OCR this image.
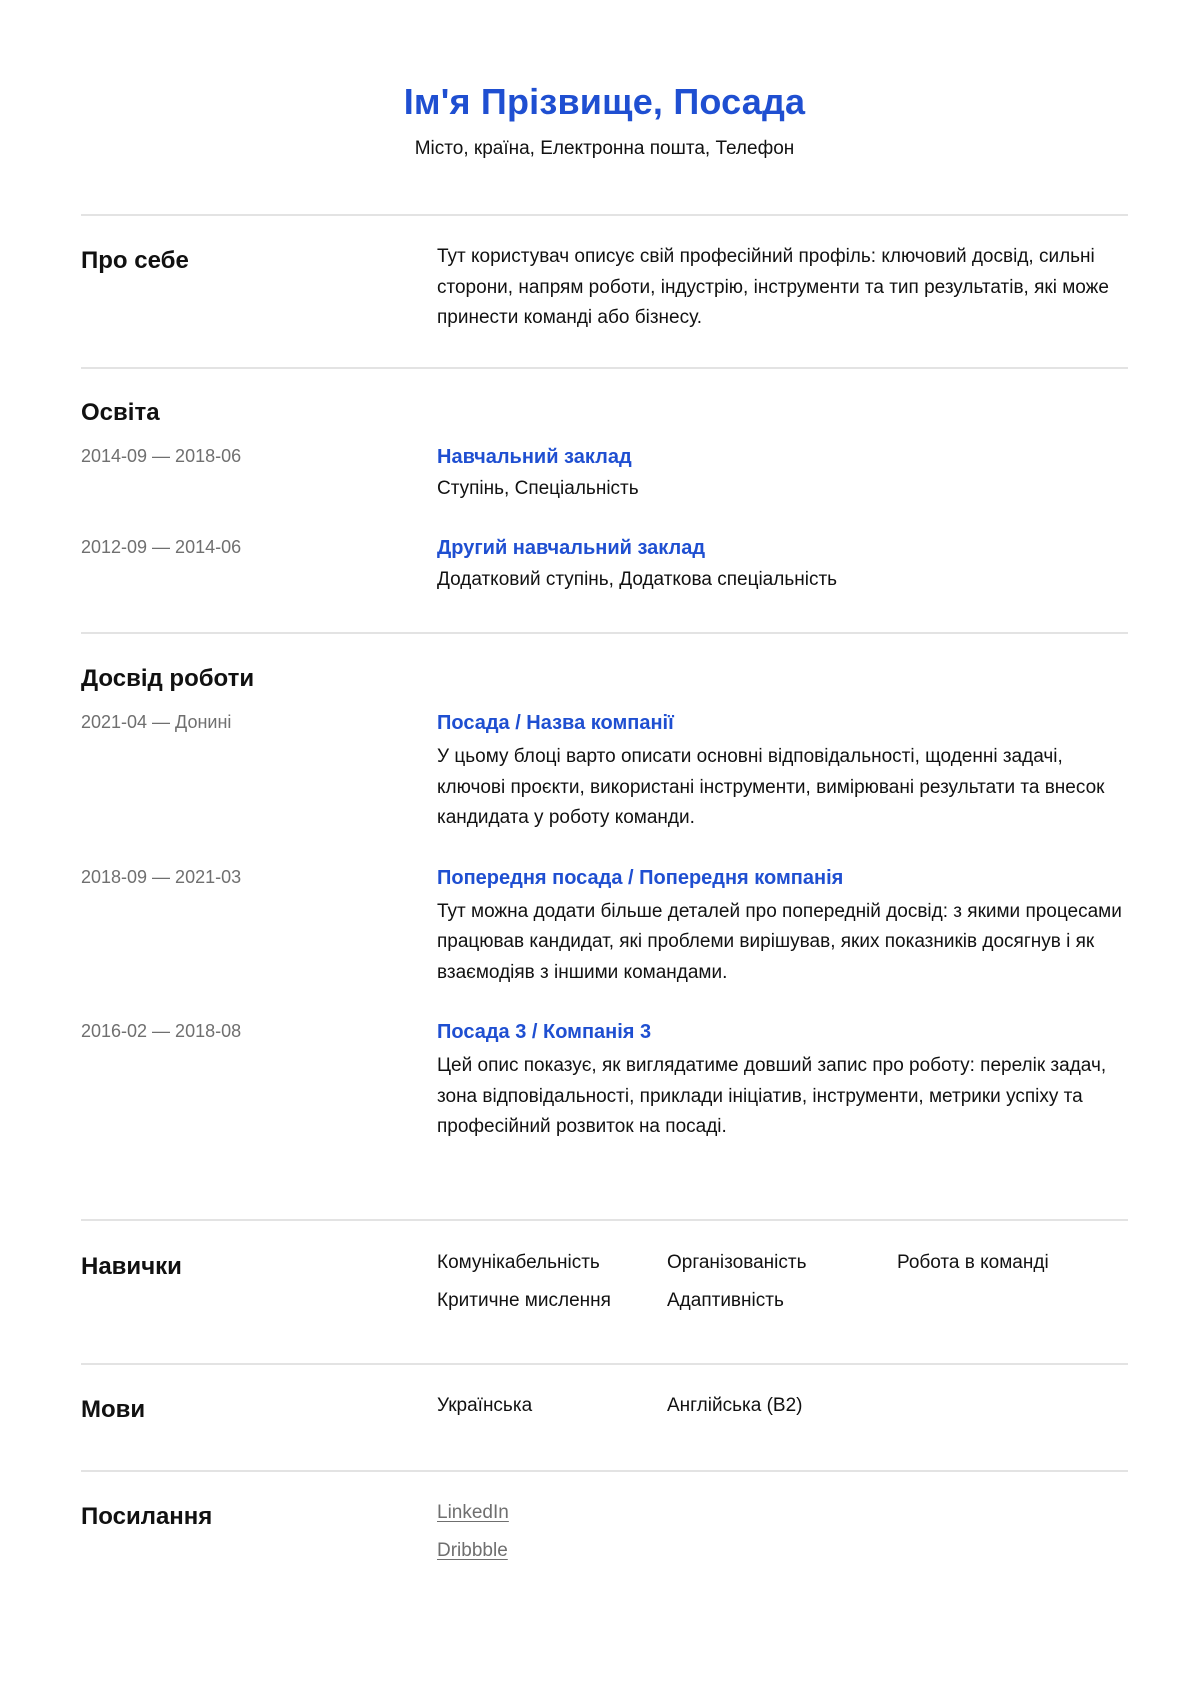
Ім'я Прізвище, Посада
Місто, країна, Електронна пошта, Телефон
Про себе	Тут користувач описує свій професійний профіль: ключовий досвід, сильні сторони, напрям роботи, індустрію, інструменти та тип результатів, які може принести команді або бізнесу.
Освіта
2014-09 — 2018-06	Навчальний заклад
Ступінь, Спеціальність
2012-09 — 2014-06	Другий навчальний заклад
Додатковий ступінь, Додаткова спеціальність
Досвід роботи
2021-04 — Донині	Посада / Назва компанії
У цьому блоці варто описати основні відповідальності, щоденні задачі, ключові проєкти, використані інструменти, вимірювані результати та внесок кандидата у роботу команди.
2018-09 — 2021-03	Попередня посада / Попередня компанія
Тут можна додати більше деталей про попередній досвід: з якими процесами працював кандидат, які проблеми вирішував, яких показників досягнув і як взаємодіяв з іншими командами.
2016-02 — 2018-08	Посада 3 / Компанія 3
Цей опис показує, як виглядатиме довший запис про роботу: перелік задач, зона відповідальності, приклади ініціатив, інструменти, метрики успіху та професійний розвиток на посаді.
Навички	Комунікабельність	Організованість	Робота в команді
Критичне мислення	Адаптивність
Мови	Українська	Англійська (B2)
Посилання	LinkedIn
Dribbble
